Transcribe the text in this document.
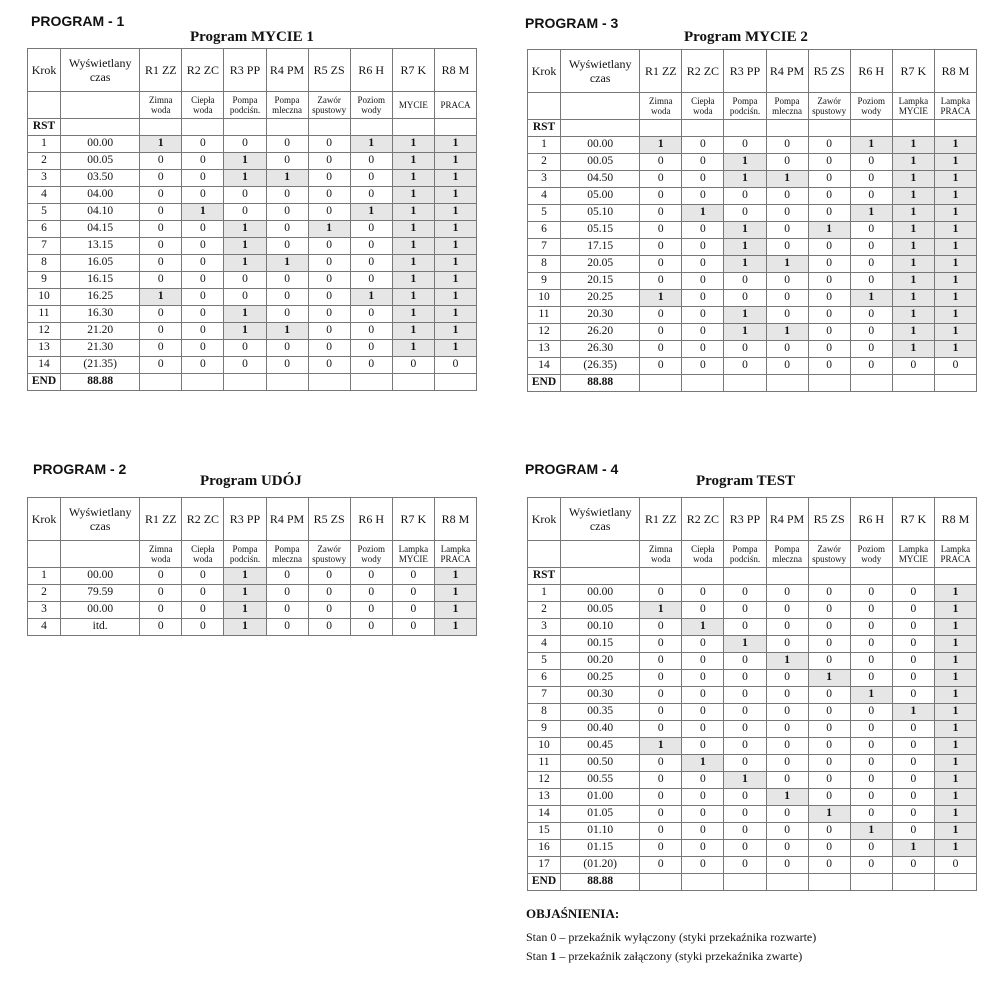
PROGRAM - 1
Program MYCIE 1
Krok	Wyświetlany czas	R1 ZZ	R2 ZC	R3 PP	R4 PM	R5 ZS	R6 H	R7 K	R8 M
		Zimna woda	Ciepła woda	Pompa podciśn.	Pompa mleczna	Zawór spustowy	Poziom wody	MYCIE	PRACA
RST									
1	00.00	1	0	0	0	0	1	1	1
2	00.05	0	0	1	0	0	0	1	1
3	03.50	0	0	1	1	0	0	1	1
4	04.00	0	0	0	0	0	0	1	1
5	04.10	0	1	0	0	0	1	1	1
6	04.15	0	0	1	0	1	0	1	1
7	13.15	0	0	1	0	0	0	1	1
8	16.05	0	0	1	1	0	0	1	1
9	16.15	0	0	0	0	0	0	1	1
10	16.25	1	0	0	0	0	1	1	1
11	16.30	0	0	1	0	0	0	1	1
12	21.20	0	0	1	1	0	0	1	1
13	21.30	0	0	0	0	0	0	1	1
14	(21.35)	0	0	0	0	0	0	0	0
END	88.88								
PROGRAM - 3
Program MYCIE 2
Krok	Wyświetlany czas	R1 ZZ	R2 ZC	R3 PP	R4 PM	R5 ZS	R6 H	R7 K	R8 M
		Zimna woda	Ciepła woda	Pompa podciśn.	Pompa mleczna	Zawór spustowy	Poziom wody	Lampka MYCIE	Lampka PRACA
RST									
1	00.00	1	0	0	0	0	1	1	1
2	00.05	0	0	1	0	0	0	1	1
3	04.50	0	0	1	1	0	0	1	1
4	05.00	0	0	0	0	0	0	1	1
5	05.10	0	1	0	0	0	1	1	1
6	05.15	0	0	1	0	1	0	1	1
7	17.15	0	0	1	0	0	0	1	1
8	20.05	0	0	1	1	0	0	1	1
9	20.15	0	0	0	0	0	0	1	1
10	20.25	1	0	0	0	0	1	1	1
11	20.30	0	0	1	0	0	0	1	1
12	26.20	0	0	1	1	0	0	1	1
13	26.30	0	0	0	0	0	0	1	1
14	(26.35)	0	0	0	0	0	0	0	0
END	88.88								
PROGRAM - 2
Program UDÓJ
Krok	Wyświetlany czas	R1 ZZ	R2 ZC	R3 PP	R4 PM	R5 ZS	R6 H	R7 K	R8 M
		Zimna woda	Ciepła woda	Pompa podciśn.	Pompa mleczna	Zawór spustowy	Poziom wody	Lampka MYCIE	Lampka PRACA
1	00.00	0	0	1	0	0	0	0	1
2	79.59	0	0	1	0	0	0	0	1
3	00.00	0	0	1	0	0	0	0	1
4	itd.	0	0	1	0	0	0	0	1
PROGRAM - 4
Program TEST
Krok	Wyświetlany czas	R1 ZZ	R2 ZC	R3 PP	R4 PM	R5 ZS	R6 H	R7 K	R8 M
		Zimna woda	Ciepła woda	Pompa podciśn.	Pompa mleczna	Zawór spustowy	Poziom wody	Lampka MYCIE	Lampka PRACA
RST									
1	00.00	0	0	0	0	0	0	0	1
2	00.05	1	0	0	0	0	0	0	1
3	00.10	0	1	0	0	0	0	0	1
4	00.15	0	0	1	0	0	0	0	1
5	00.20	0	0	0	1	0	0	0	1
6	00.25	0	0	0	0	1	0	0	1
7	00.30	0	0	0	0	0	1	0	1
8	00.35	0	0	0	0	0	0	1	1
9	00.40	0	0	0	0	0	0	0	1
10	00.45	1	0	0	0	0	0	0	1
11	00.50	0	1	0	0	0	0	0	1
12	00.55	0	0	1	0	0	0	0	1
13	01.00	0	0	0	1	0	0	0	1
14	01.05	0	0	0	0	1	0	0	1
15	01.10	0	0	0	0	0	1	0	1
16	01.15	0	0	0	0	0	0	1	1
17	(01.20)	0	0	0	0	0	0	0	0
END	88.88								
OBJAŚNIENIA:
Stan 0 – przekaźnik wyłączony (styki przekaźnika rozwarte)
Stan 1 – przekaźnik załączony (styki przekaźnika zwarte)
